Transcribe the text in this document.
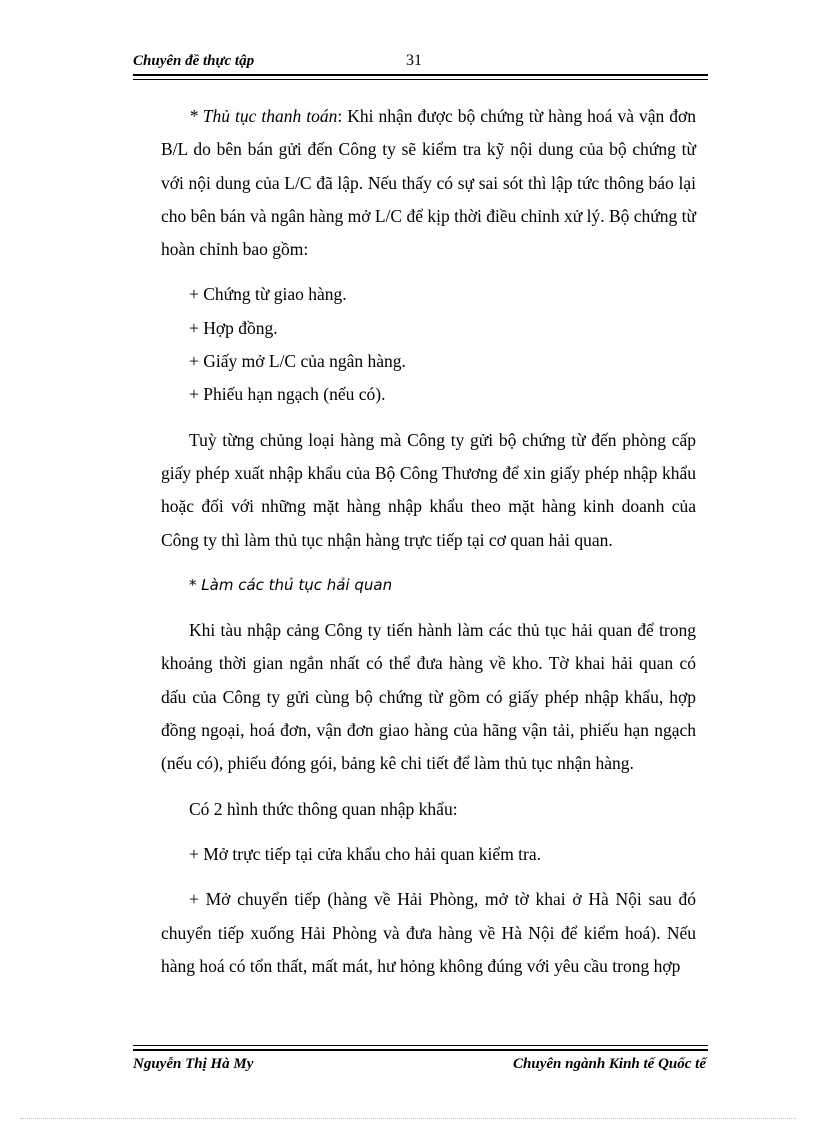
Chuyên đề thực tập	31

* Thủ tục thanh toán: Khi nhận được bộ chứng từ hàng hoá và vận đơn B/L do bên bán gửi đến Công ty sẽ kiểm tra kỹ nội dung của bộ chứng từ với nội dung của L/C đã lập. Nếu thấy có sự sai sót thì lập tức thông báo lại cho bên bán và ngân hàng mở L/C để kịp thời điều chỉnh xử lý. Bộ chứng từ hoàn chỉnh bao gồm:

+ Chứng từ giao hàng.

+ Hợp đồng.

+ Giấy mở L/C của ngân hàng.

+ Phiếu hạn ngạch (nếu có).

Tuỳ từng chủng loại hàng mà Công ty gửi bộ chứng từ đến phòng cấp giấy phép xuất nhập khẩu của Bộ Công Thương để xin giấy phép nhập khẩu hoặc đối với những mặt hàng nhập khẩu theo mặt hàng kinh doanh của Công ty thì làm thủ tục nhận hàng trực tiếp tại cơ quan hải quan.

* Làm các thủ tục hải quan

Khi tàu nhập cảng Công ty tiến hành làm các thủ tục hải quan để trong khoảng thời gian ngắn nhất có thể đưa hàng về kho. Tờ khai hải quan có dấu của Công ty gửi cùng bộ chứng từ gồm có giấy phép nhập khẩu, hợp đồng ngoại, hoá đơn, vận đơn giao hàng của hãng vận tải, phiếu hạn ngạch (nếu có), phiếu đóng gói, bảng kê chi tiết để làm thủ tục nhận hàng.

Có 2 hình thức thông quan nhập khẩu:

+ Mở trực tiếp tại cửa khẩu cho hải quan kiểm tra.

+ Mở chuyển tiếp (hàng về Hải Phòng, mở tờ khai ở Hà Nội sau đó chuyển tiếp xuống Hải Phòng và đưa hàng về Hà Nội để kiểm hoá). Nếu hàng hoá có tổn thất, mất mát, hư hỏng không đúng với yêu cầu trong hợp

Nguyễn Thị Hà My	Chuyên ngành Kinh tế Quốc tế
